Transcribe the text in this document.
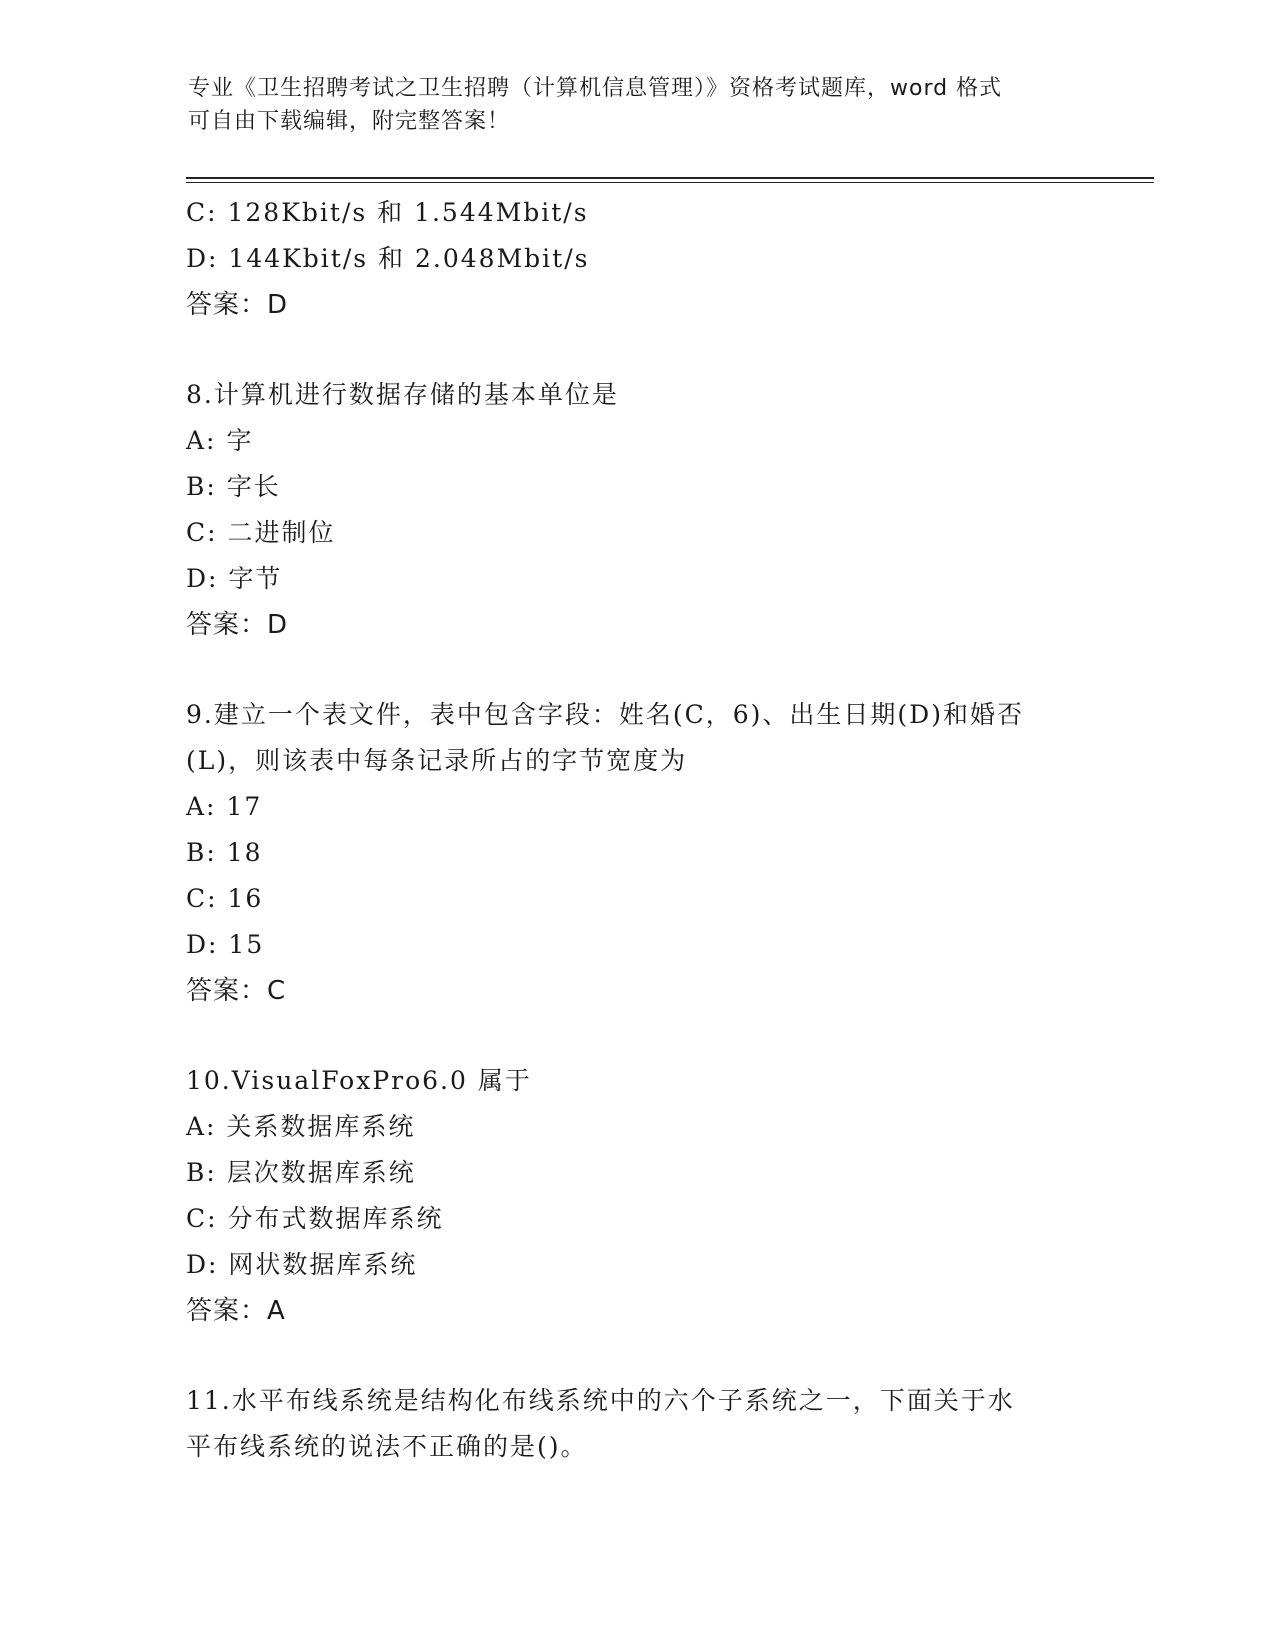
专业《卫生招聘考试之卫生招聘（计算机信息管理）》资格考试题库，word 格式
可自由下载编辑，附完整答案！
C: 128Kbit/s 和 1.544Mbit/s
D: 144Kbit/s 和 2.048Mbit/s
答案：D
8.计算机进行数据存储的基本单位是
A: 字
B: 字长
C: 二进制位
D: 字节
答案：D
9.建立一个表文件，表中包含字段：姓名(C，6)、出生日期(D)和婚否
(L)，则该表中每条记录所占的字节宽度为
A: 17
B: 18
C: 16
D: 15
答案：C
10.VisualFoxPro6.0 属于
A: 关系数据库系统
B: 层次数据库系统
C: 分布式数据库系统
D: 网状数据库系统
答案：A
11.水平布线系统是结构化布线系统中的六个子系统之一，下面关于水
平布线系统的说法不正确的是()。
